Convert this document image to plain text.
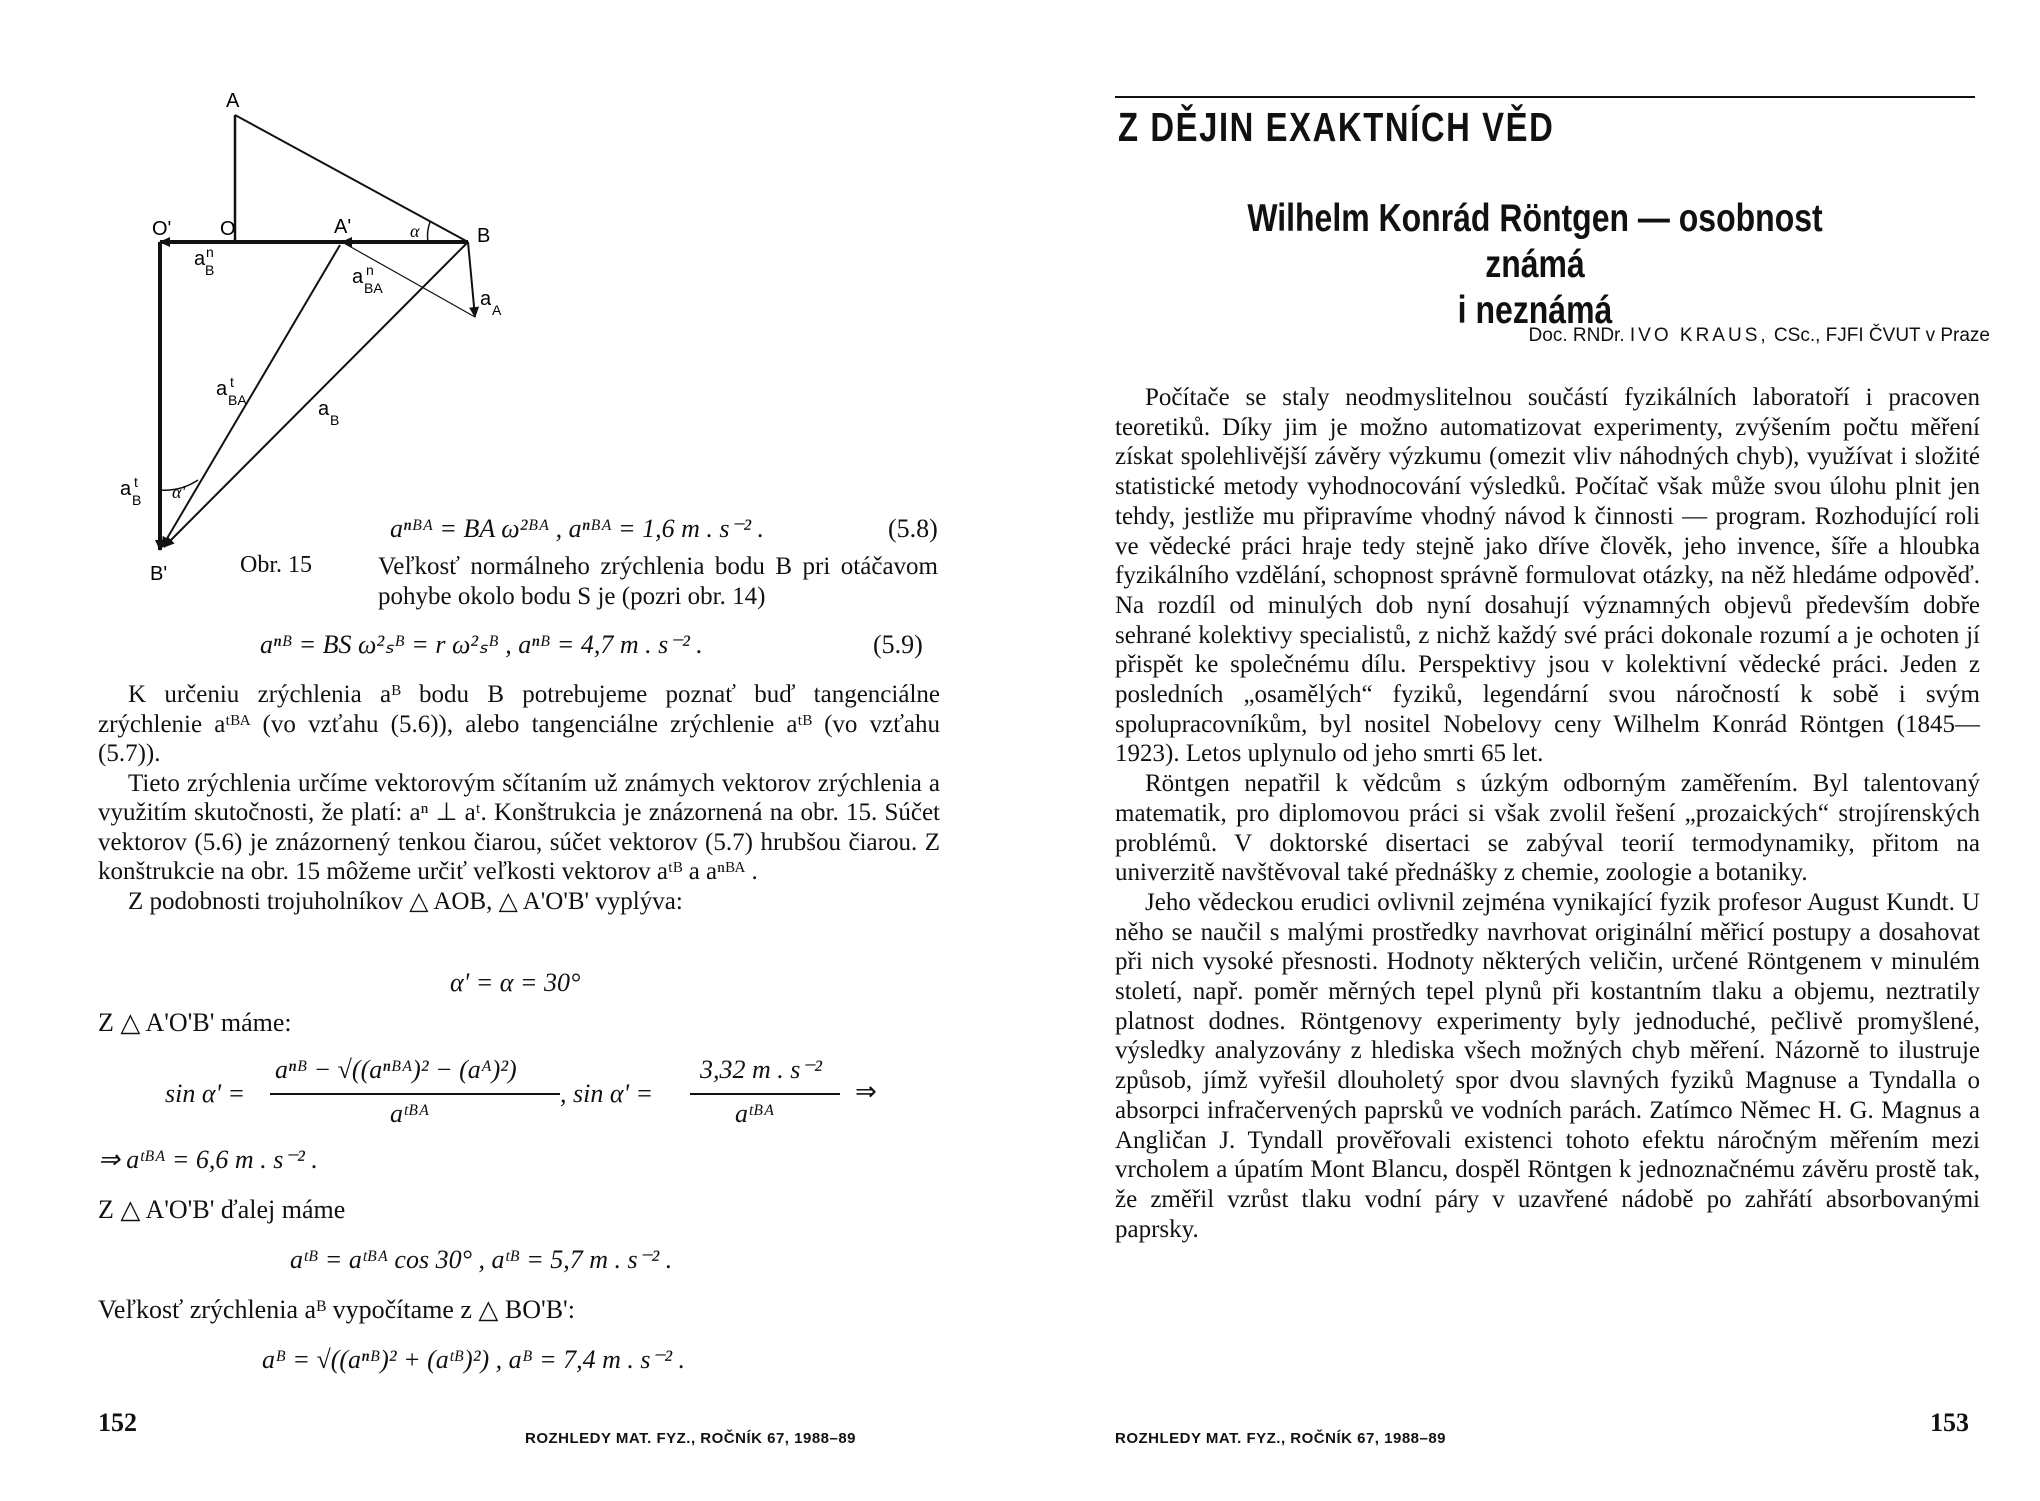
A
O
O'	A'	B
B'
α
α'
a B
n
a BA
n
a A
a BA
t
a B
a B
t
Obr. 15
aⁿᴮᴬ = BA ω²ᴮᴬ , aⁿᴮᴬ = 1,6 m . s⁻² .	(5.8)

Veľkosť normálneho zrýchlenia bodu B pri otáčavom pohybe okolo bodu S je (pozri obr. 14)

aⁿᴮ = BS ω²ₛᴮ = r ω²ₛᴮ , aⁿᴮ = 4,7 m . s⁻² .	(5.9)

K určeniu zrýchlenia aᴮ bodu B potrebujeme poznať buď tangenciálne zrýchlenie aᵗᴮᴬ (vo vzťahu (5.6)), alebo tangenciálne zrýchlenie aᵗᴮ (vo vzťahu (5.7)).

Tieto zrýchlenia určíme vektorovým sčítaním už známych vektorov zrýchlenia a využitím skutočnosti, že platí: aⁿ ⊥ aᵗ. Konštrukcia je znázornená na obr. 15. Súčet vektorov (5.6) je znázornený tenkou čiarou, súčet vektorov (5.7) hrubšou čiarou. Z konštrukcie na obr. 15 môžeme určiť veľkosti vektorov aᵗᴮ a aⁿᴮᴬ .

Z podobnosti trojuholníkov △ AOB, △ A'O'B' vyplýva:

α' = α = 30°
Z △ A'O'B' máme:
sin α' =
aⁿᴮ − √((aⁿᴮᴬ)² − (aᴬ)²)
aᵗᴮᴬ
, sin α' =
3,32 m . s⁻²
aᵗᴮᴬ
⇒
⇒ aᵗᴮᴬ = 6,6 m . s⁻² .
Z △ A'O'B' ďalej máme
aᵗᴮ = aᵗᴮᴬ cos 30° , aᵗᴮ = 5,7 m . s⁻² .
Veľkosť zrýchlenia aᴮ vypočítame z △ BO'B':
aᴮ = √((aⁿᴮ)² + (aᵗᴮ)²) , aᴮ = 7,4 m . s⁻² .
152
ROZHLEDY MAT. FYZ., ROČNÍK 67, 1988–89
Z DĚJIN EXAKTNÍCH VĚD
Wilhelm Konrád Röntgen — osobnost známá
i neznámá
Doc. RNDr. IVO KRAUS, CSc., FJFI ČVUT v Praze

Počítače se staly neodmyslitelnou součástí fyzikálních laboratoří i pracoven teoretiků. Díky jim je možno automatizovat experimenty, zvýšením počtu měření získat spolehlivější závěry výzkumu (omezit vliv náhodných chyb), využívat i složité statistické metody vyhodnocování výsledků. Počítač však může svou úlohu plnit jen tehdy, jestliže mu připravíme vhodný návod k činnosti — program. Rozhodující roli ve vědecké práci hraje tedy stejně jako dříve člověk, jeho invence, šíře a hloubka fyzikálního vzdělání, schopnost správně formulovat otázky, na něž hledáme odpověď. Na rozdíl od minulých dob nyní dosahují významných objevů především dobře sehrané kolektivy specialistů, z nichž každý své práci dokonale rozumí a je ochoten jí přispět ke společnému dílu. Perspektivy jsou v kolektivní vědecké práci. Jeden z posledních „osamělých“ fyziků, legendární svou náročností k sobě i svým spolupracovníkům, byl nositel Nobelovy ceny Wilhelm Konrád Röntgen (1845—1923). Letos uplynulo od jeho smrti 65 let.

Röntgen nepatřil k vědcům s úzkým odborným zaměřením. Byl talentovaný matematik, pro diplomovou práci si však zvolil řešení „prozaických“ strojírenských problémů. V doktorské disertaci se zabýval teorií termodynamiky, přitom na univerzitě navštěvoval také přednášky z chemie, zoologie a botaniky.

Jeho vědeckou erudici ovlivnil zejména vynikající fyzik profesor August Kundt. U něho se naučil s malými prostředky navrhovat originální měřicí postupy a dosahovat při nich vysoké přesnosti. Hodnoty některých veličin, určené Röntgenem v minulém století, např. poměr měrných tepel plynů při kostantním tlaku a objemu, neztratily platnost dodnes. Röntgenovy experimenty byly jednoduché, pečlivě promyšlené, výsledky analyzovány z hlediska všech možných chyb měření. Názorně to ilustruje způsob, jímž vyřešil dlouholetý spor dvou slavných fyziků Magnuse a Tyndalla o absorpci infračervených paprsků ve vodních parách. Zatímco Němec H. G. Magnus a Angličan J. Tyndall prověřovali existenci tohoto efektu náročným měřením mezi vrcholem a úpatím Mont Blancu, dospěl Röntgen k jednoznačnému závěru prostě tak, že změřil vzrůst tlaku vodní páry v uzavřené nádobě po zahřátí absorbovanými paprsky.

ROZHLEDY MAT. FYZ., ROČNÍK 67, 1988–89
153
